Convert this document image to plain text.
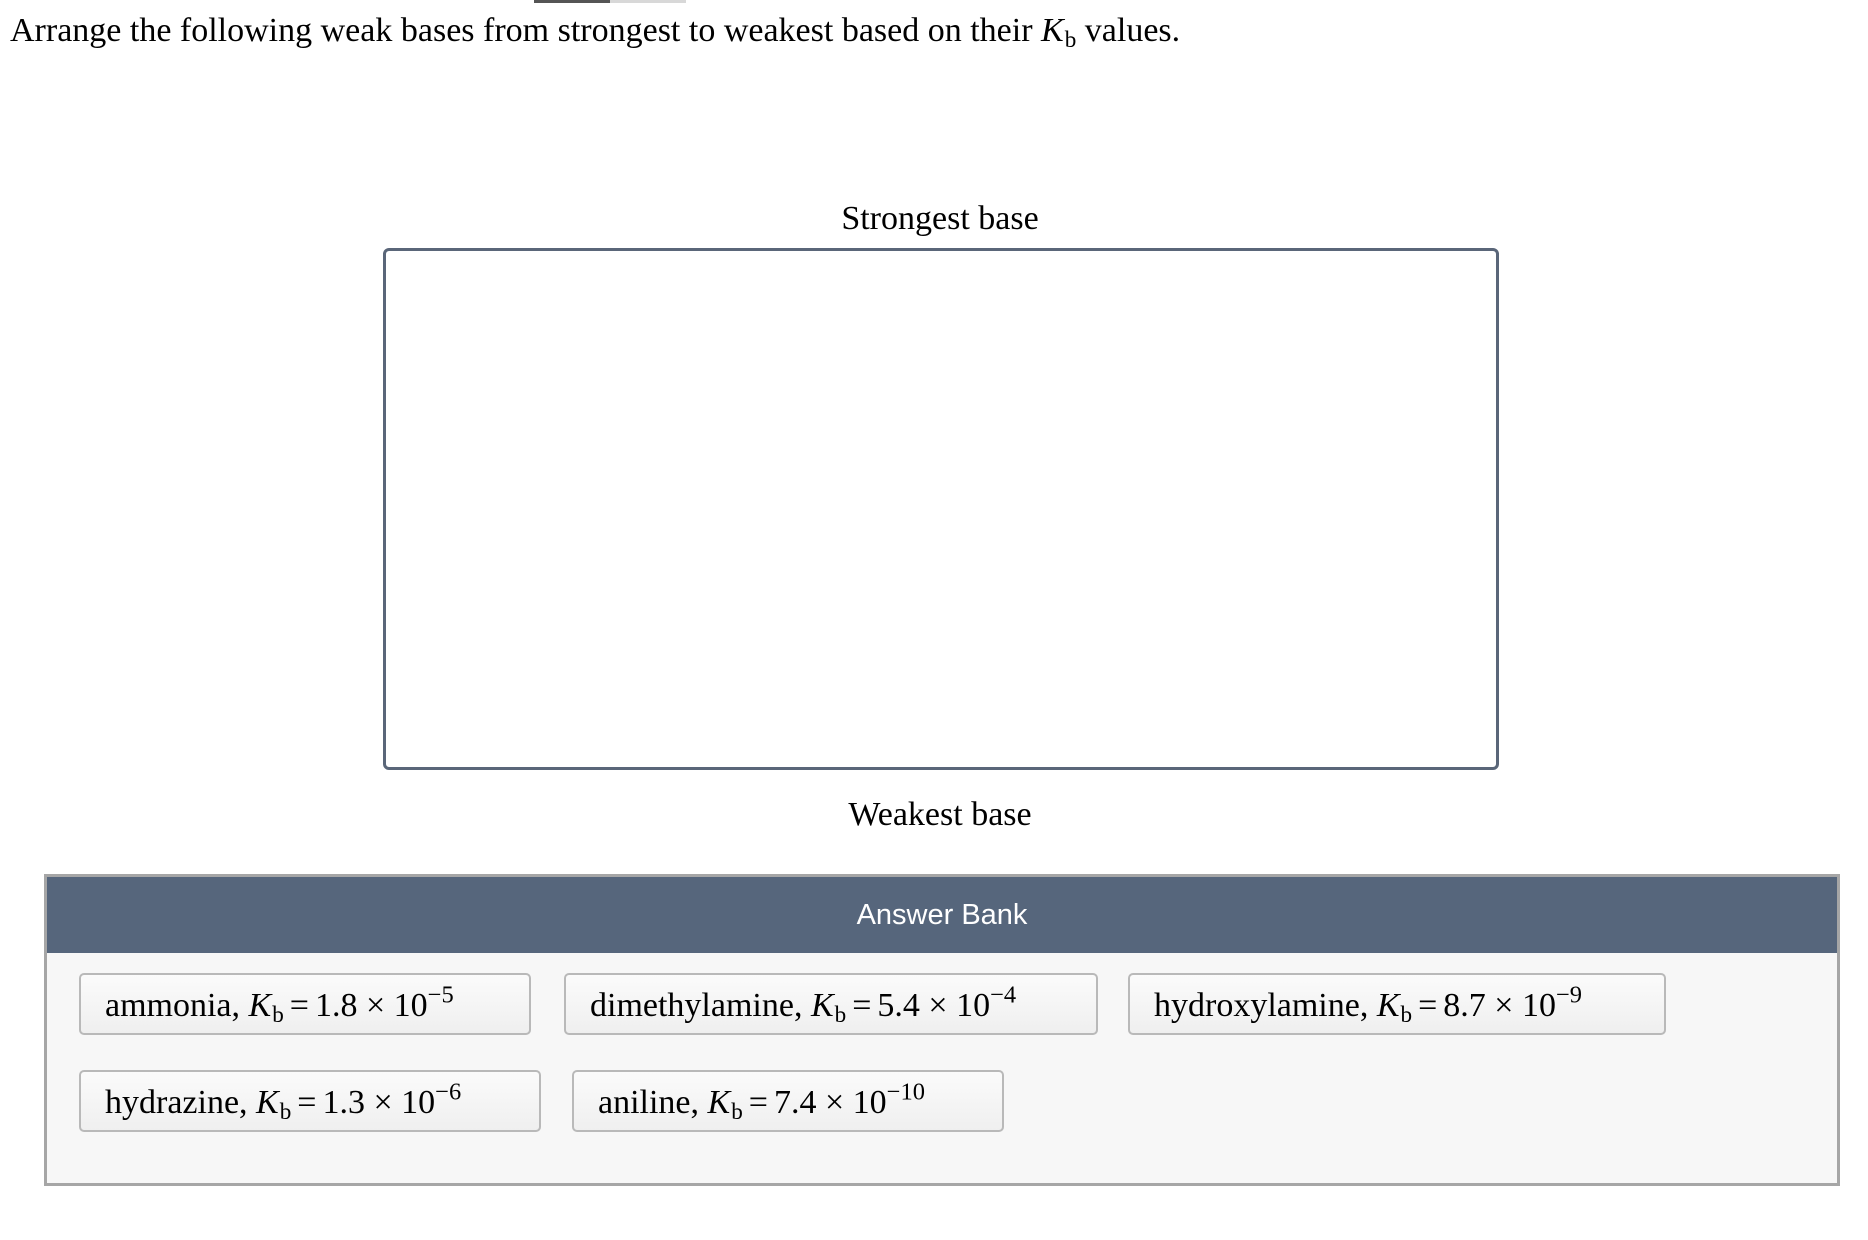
Arrange the following weak bases from strongest to weakest based on their $K_b$ values.
Strongest base
Weakest base
Answer Bank
ammonia, $K_b = 1.8 \times 10^{-5}$	dimethylamine, $K_b = 5.4 \times 10^{-4}$	hydroxylamine, $K_b = 8.7 \times 10^{-9}$
hydrazine, $K_b = 1.3 \times 10^{-6}$	aniline, $K_b = 7.4 \times 10^{-10}$
